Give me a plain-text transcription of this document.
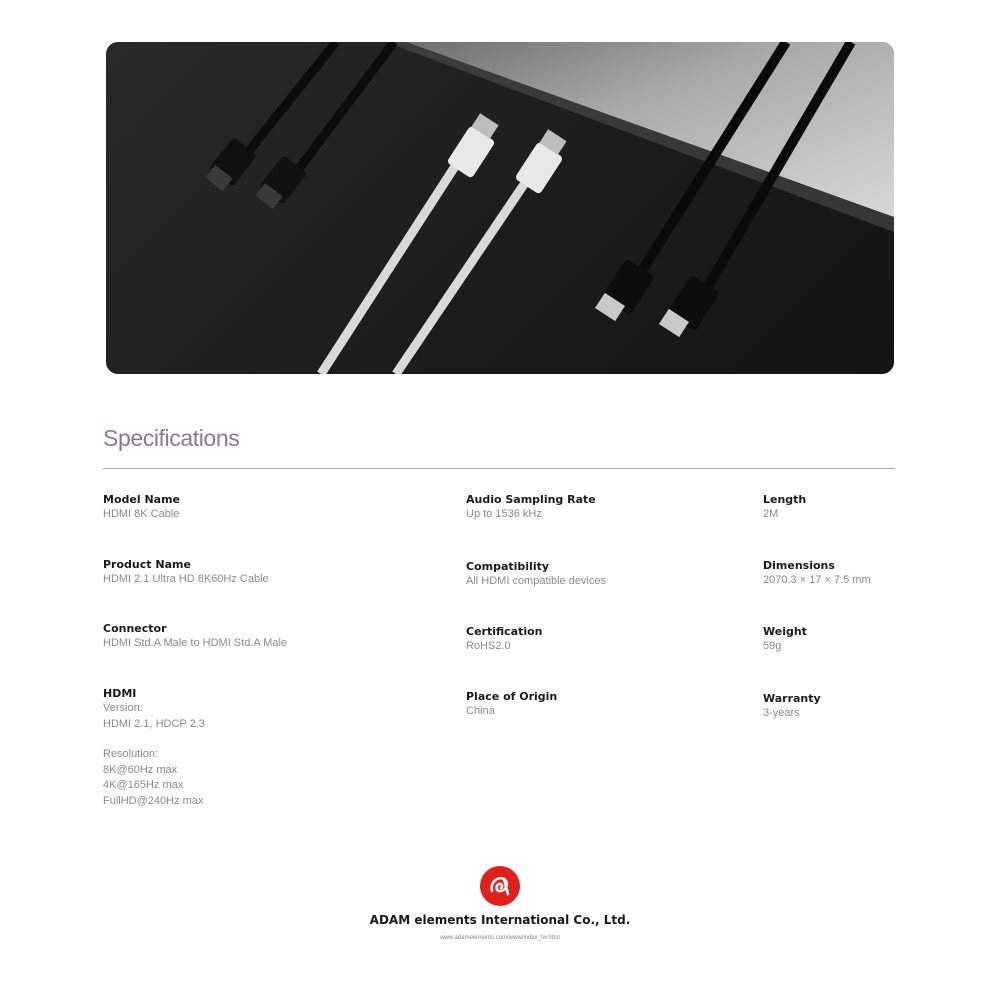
Specifications
Model Name
HDMI 8K Cable
Product Name
HDMI 2.1 Ultra HD 8K60Hz Cable
Connector
HDMI Std.A Male to HDMI Std.A Male
HDMI
Version:
HDMI 2.1, HDCP 2.3
Resolution:
8K@60Hz max
4K@165Hz max
FullHD@240Hz max
Audio Sampling Rate
Up to 1536 kHz
Compatibility
All HDMI compatible devices
Certification
RoHS2.0
Place of Origin
China
Length
2M
Dimensions
2070.3 × 17 × 7.5 mm
Weight
59g
Warranty
3-years
ADAM elements International Co., Ltd.
www.adamelements.com/www/index_tw.html
